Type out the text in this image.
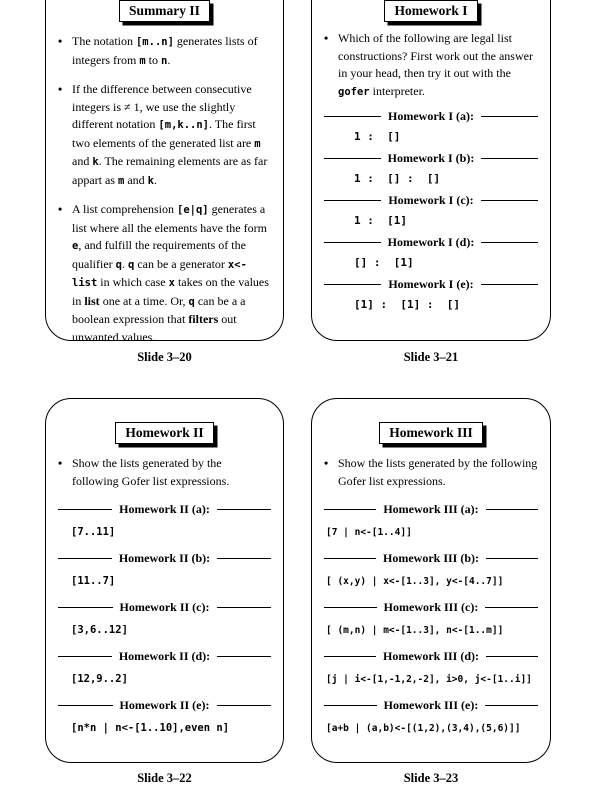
Summary II
• The notation [m..n] generates lists of integers from m to n.
• If the difference between consecutive integers is ≠ 1, we use the slightly different notation [m,k..n]. The first two elements of the generated list are m and k. The remaining elements are as far appart as m and k.
• A list comprehension [e|q] generates a list where all the elements have the form e, and fulfill the requirements of the qualifier q. q can be a generator x<-list in which case x takes on the values in list one at a time. Or, q can be a a boolean expression that filters out unwanted values.
Homework I
• Which of the following are legal list constructions? First work out the answer in your head, then try it out with the gofer interpreter.
Homework I (a):
1 :  []
Homework I (b):
1 :  [] :  []
Homework I (c):
1 :  [1]
Homework I (d):
[] :  [1]
Homework I (e):
[1] :  [1] :  []
Homework II
• Show the lists generated by the following Gofer list expressions.
Homework II (a):
[7..11]
Homework II (b):
[11..7]
Homework II (c):
[3,6..12]
Homework II (d):
[12,9..2]
Homework II (e):
[n*n | n<-[1..10],even n]
Homework III
• Show the lists generated by the following Gofer list expressions.
Homework III (a):
[7 | n<-[1..4]]
Homework III (b):
[ (x,y) | x<-[1..3], y<-[4..7]]
Homework III (c):
[ (m,n) | m<-[1..3], n<-[1..m]]
Homework III (d):
[j | i<-[1,-1,2,-2], i>0, j<-[1..i]]
Homework III (e):
[a+b | (a,b)<-[(1,2),(3,4),(5,6)]]
Slide 3–20	Slide 3–21
Slide 3–22	Slide 3–23
